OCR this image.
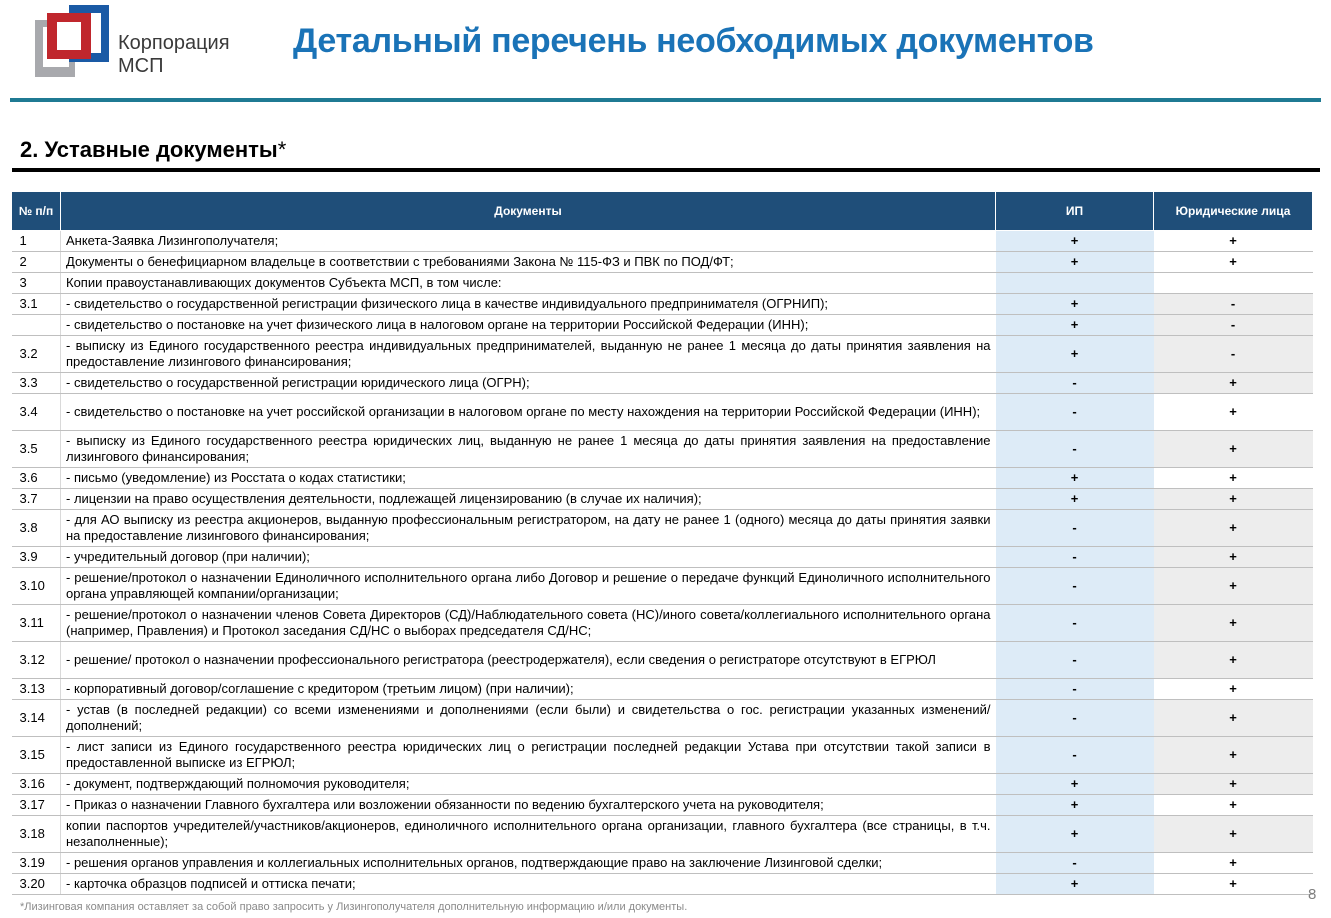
Корпорация
МСП
Детальный перечень необходимых документов
2. Уставные документы*
№ п/п	Документы	ИП	Юридические лица
1	Анкета-Заявка Лизингополучателя;	+	+
2	Документы о бенефициарном владельце в соответствии с требованиями Закона № 115-ФЗ и ПВК по ПОД/ФТ;	+	+
3	Копии правоустанавливающих документов Субъекта МСП, в том числе:		
3.1	- свидетельство о государственной регистрации физического лица в качестве индивидуального предпринимателя (ОГРНИП);	+	-
	- свидетельство о постановке на учет физического лица в налоговом органе на территории Российской Федерации (ИНН);	+	-
3.2	- выписку из Единого государственного реестра индивидуальных предпринимателей, выданную не ранее 1 месяца до даты принятия заявления на предоставление лизингового финансирования;	+	-
3.3	- свидетельство о государственной регистрации юридического лица (ОГРН);	-	+
3.4	- свидетельство о постановке на учет российской организации в налоговом органе по месту нахождения на территории Российской Федерации (ИНН);	-	+
3.5	- выписку из Единого государственного реестра юридических лиц, выданную не ранее 1 месяца до даты принятия заявления на предоставление лизингового финансирования;	-	+
3.6	- письмо (уведомление) из Росстата о кодах статистики;	+	+
3.7	- лицензии на право осуществления деятельности, подлежащей лицензированию (в случае их наличия);	+	+
3.8	- для АО выписку из реестра акционеров, выданную профессиональным регистратором, на дату не ранее 1 (одного) месяца до даты принятия заявки на предоставление лизингового финансирования;	-	+
3.9	- учредительный договор (при наличии);	-	+
3.10	- решение/протокол о назначении Единоличного исполнительного органа либо Договор и решение о передаче функций Единоличного исполнительного органа управляющей компании/организации;	-	+
3.11	- решение/протокол о назначении членов Совета Директоров (СД)/Наблюдательного совета (НС)/иного совета/коллегиального исполнительного органа (например, Правления) и Протокол заседания СД/НС о выборах председателя СД/НС;	-	+
3.12	- решение/ протокол о назначении профессионального регистратора (реестродержателя), если сведения о регистраторе отсутствуют в ЕГРЮЛ	-	+
3.13	- корпоративный договор/соглашение с кредитором (третьим лицом) (при наличии);	-	+
3.14	- устав (в последней редакции) со всеми изменениями и дополнениями (если были) и свидетельства о гос. регистрации указанных изменений/дополнений;	-	+
3.15	- лист записи из Единого государственного реестра юридических лиц о регистрации последней редакции Устава при отсутствии такой записи в предоставленной выписке из ЕГРЮЛ;	-	+
3.16	- документ, подтверждающий полномочия руководителя;	+	+
3.17	- Приказ о назначении Главного бухгалтера или возложении обязанности по ведению бухгалтерского учета на руководителя;	+	+
3.18	копии паспортов учредителей/участников/акционеров, единоличного исполнительного органа организации, главного бухгалтера (все страницы, в т.ч. незаполненные);	+	+
3.19	- решения органов управления и коллегиальных исполнительных органов, подтверждающие право на заключение Лизинговой сделки;	-	+
3.20	- карточка образцов подписей и оттиска печати;	+	+
8
*Лизинговая компания оставляет за собой право запросить у Лизингополучателя дополнительную информацию и/или документы.
